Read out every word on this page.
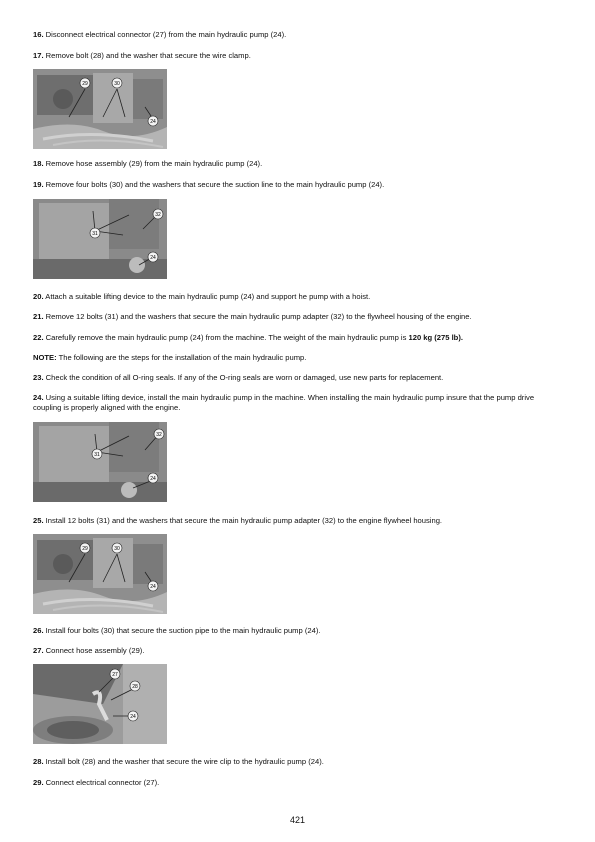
16. Disconnect electrical connector (27) from the main hydraulic pump (24).

17. Remove bolt (28) and the washer that secure the wire clamp.

29	30
24

18. Remove hose assembly (29) from the main hydraulic pump (24).

19. Remove four bolts (30) and the washers that secure the suction line to the main hydraulic pump (24).

32
31
24

20. Attach a suitable lifting device to the main hydraulic pump (24) and support he pump with a hoist.

21. Remove 12 bolts (31) and the washers that secure the main hydraulic pump adapter (32) to the flywheel housing of the engine.

22. Carefully remove the main hydraulic pump (24) from the machine. The weight of the main hydraulic pump is 120 kg (275 lb).

NOTE: The following are the steps for the installation of the main hydraulic pump.

23. Check the condition of all O-ring seals. If any of the O-ring seals are worn or damaged, use new parts for replacement.

24. Using a suitable lifting device, install the main hydraulic pump in the machine. When installing the main hydraulic pump insure that the pump drive coupling is properly aligned with the engine.

32
31
24

25. Install 12 bolts (31) and the washers that secure the main hydraulic pump adapter (32) to the engine flywheel housing.

29	30
24

26. Install four bolts (30) that secure the suction pipe to the main hydraulic pump (24).

27. Connect hose assembly (29).

27
28
24

28. Install bolt (28) and the washer that secure the wire clip to the hydraulic pump (24).

29. Connect electrical connector (27).

421
